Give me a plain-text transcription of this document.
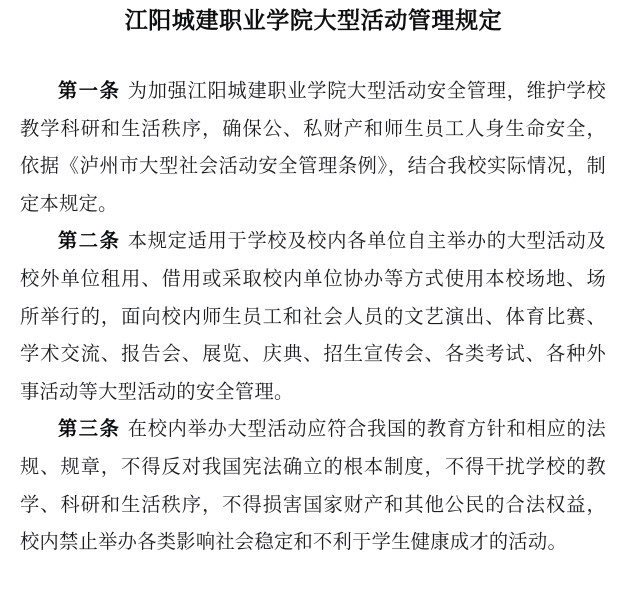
江阳城建职业学院大型活动管理规定

第一条 为加强江阳城建职业学院大型活动安全管理，维护学校教学科研和生活秩序，确保公、私财产和师生员工人身生命安全，依据《泸州市大型社会活动安全管理条例》，结合我校实际情况，制定本规定。

第二条 本规定适用于学校及校内各单位自主举办的大型活动及校外单位租用、借用或采取校内单位协办等方式使用本校场地、场所举行的，面向校内师生员工和社会人员的文艺演出、体育比赛、学术交流、报告会、展览、庆典、招生宣传会、各类考试、各种外事活动等大型活动的安全管理。

第三条 在校内举办大型活动应符合我国的教育方针和相应的法规、规章，不得反对我国宪法确立的根本制度，不得干扰学校的教学、科研和生活秩序，不得损害国家财产和其他公民的合法权益，校内禁止举办各类影响社会稳定和不利于学生健康成才的活动。
